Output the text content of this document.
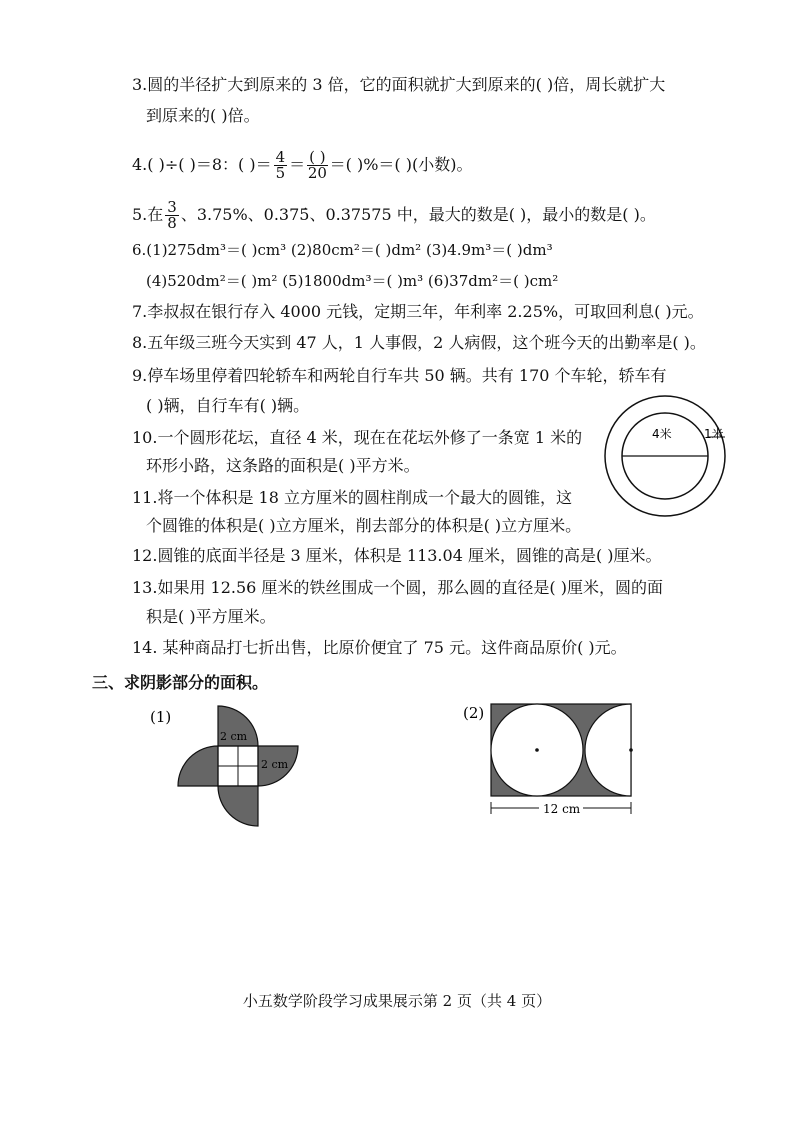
3.圆的半径扩大到原来的 3 倍，它的面积就扩大到原来的( )倍，周长就扩大
到原来的( )倍。
4.( )÷( )＝8：( )＝ $\frac{4}{5} = \frac{( )}{20}$ ＝( )%＝( )(小数)。
5.在 $\frac{3}{8}$ 、3.75%、0.375̇、0.37575 中，最大的数是( )，最小的数是( )。
6.(1)275dm³＝( )cm³ (2)80cm²＝( )dm² (3)4.9m³＝( )dm³
(4)520dm²＝( )m² (5)1800dm³＝( )m³ (6)37dm²＝( )cm²
7.李叔叔在银行存入 4000 元钱，定期三年，年利率 2.25%，可取回利息( )元。
8.五年级三班今天实到 47 人，1 人事假，2 人病假，这个班今天的出勤率是( )。
9.停车场里停着四轮轿车和两轮自行车共 50 辆。共有 170 个车轮，轿车有
( )辆，自行车有( )辆。
10.一个圆形花坛，直径 4 米，现在在花坛外修了一条宽 1 米的
环形小路，这条路的面积是( )平方米。
4米	1米
11.将一个体积是 18 立方厘米的圆柱削成一个最大的圆锥，这
个圆锥的体积是( )立方厘米，削去部分的体积是( )立方厘米。
12.圆锥的底面半径是 3 厘米，体积是 113.04 厘米，圆锥的高是( )厘米。
13.如果用 12.56 厘米的铁丝围成一个圆，那么圆的直径是( )厘米，圆的面
积是( )平方厘米。
14. 某种商品打七折出售，比原价便宜了 75 元。这件商品原价( )元。
三、求阴影部分的面积。
(1)
2 cm
2 cm
(2)
12 cm
小五数学阶段学习成果展示第 2 页（共 4 页）
